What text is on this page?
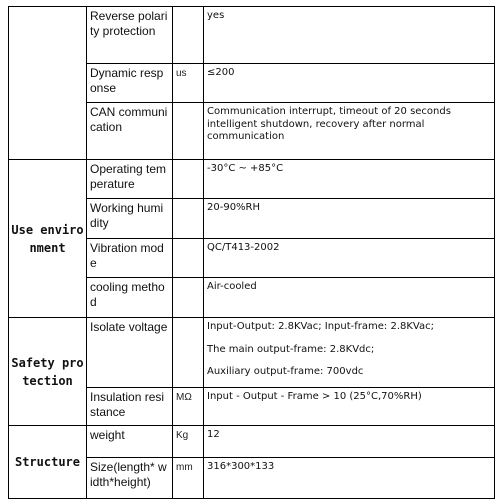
	Reverse polarity protection		yes
	Dynamic response	us	≤200
	CAN communication		Communication interrupt, timeout of 20 seconds intelligent shutdown, recovery after normal communication
Use environment	Operating temperature		-30°C ~ +85°C
	Working humidity		20-90%RH
	Vibration mode		QC/T413-2002
	cooling method		Air-cooled
Safety protection	Isolate voltage		Input-Output: 2.8KVac; Input-frame: 2.8KVac;
The main output-frame: 2.8KVdc;
Auxiliary output-frame: 700vdc

	Insulation resistance	MΩ	Input - Output - Frame > 10 (25°C,70%RH)
Structure	weight	Kg	12
	Size(length* width*height)	mm	316*300*133
